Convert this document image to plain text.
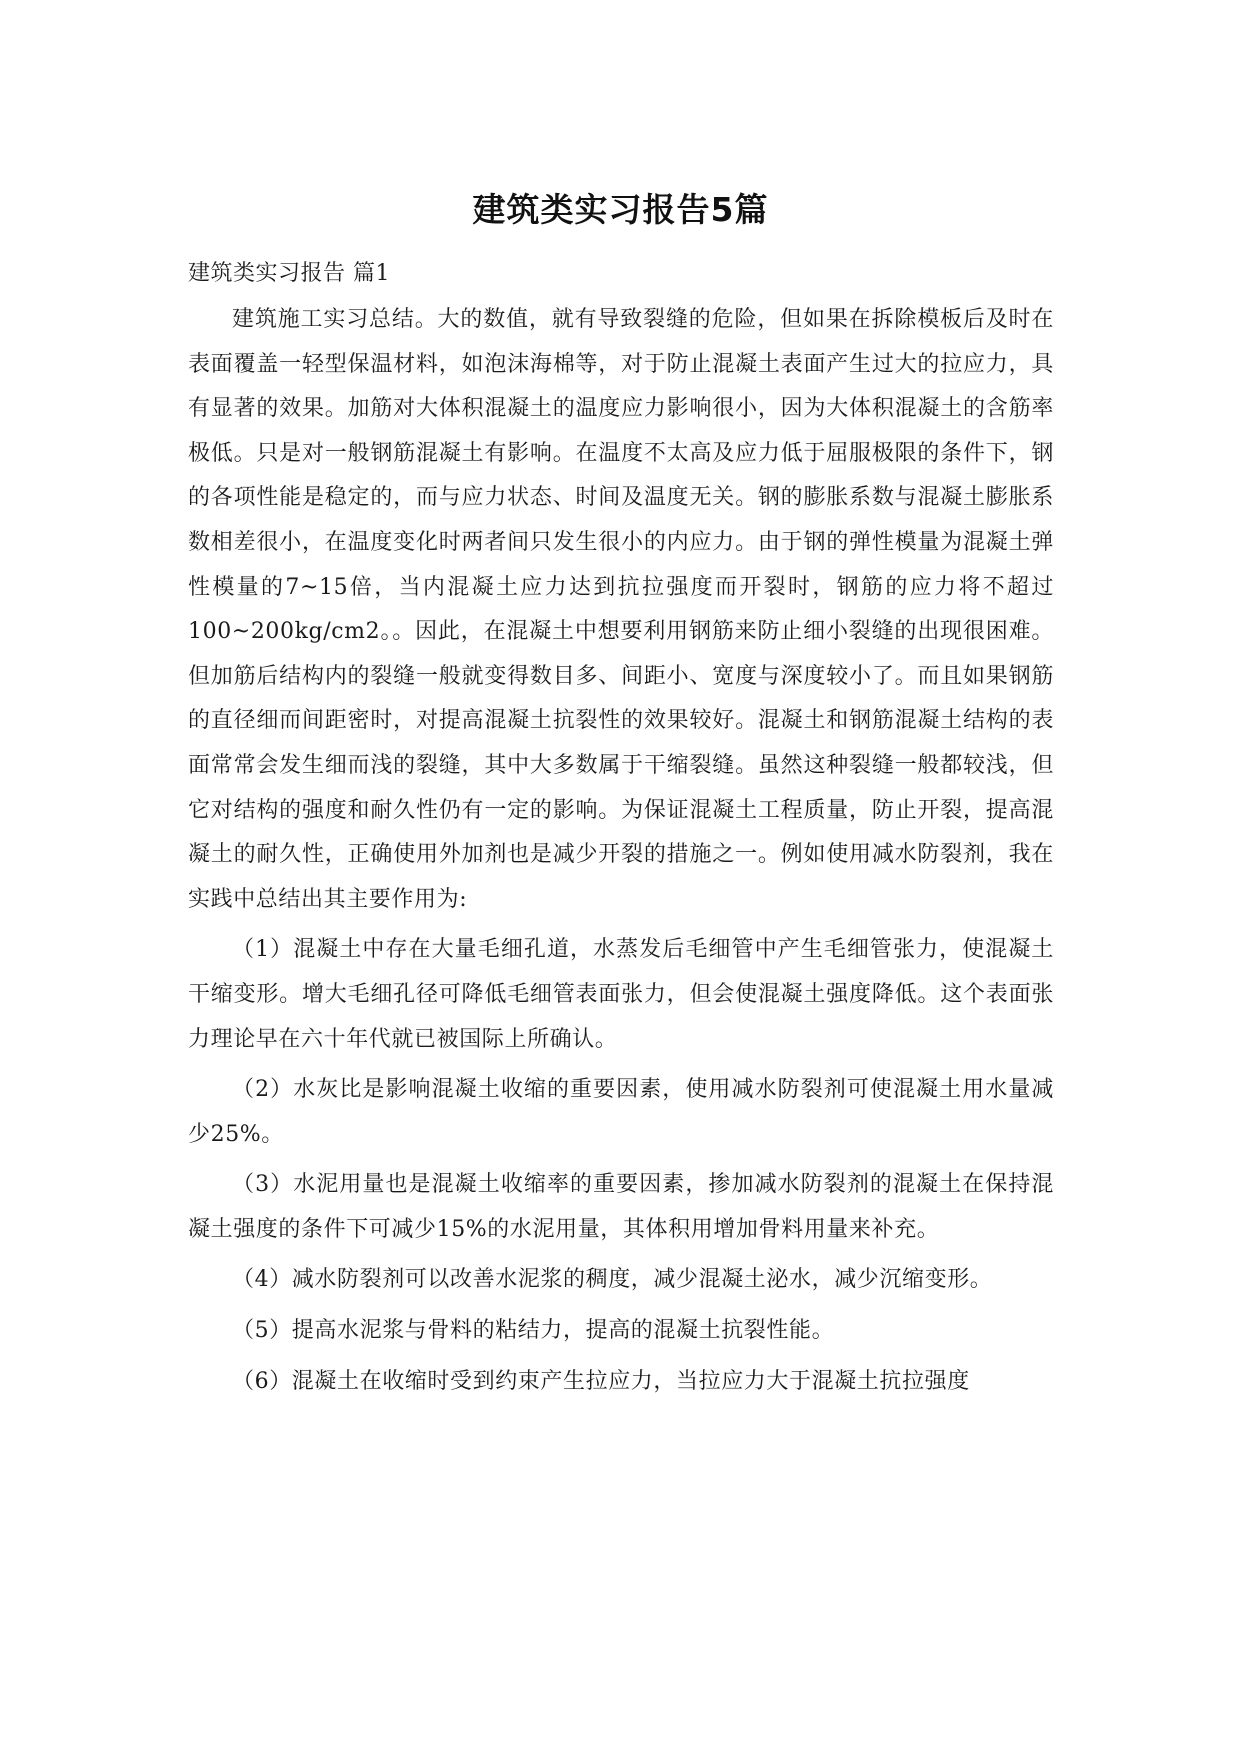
建筑类实习报告5篇
建筑类实习报告 篇1

建筑施工实习总结。大的数值，就有导致裂缝的危险，但如果在拆除模板后及时在表面覆盖一轻型保温材料，如泡沫海棉等，对于防止混凝土表面产生过大的拉应力，具有显著的效果。加筋对大体积混凝土的温度应力影响很小，因为大体积混凝土的含筋率极低。只是对一般钢筋混凝土有影响。在温度不太高及应力低于屈服极限的条件下，钢的各项性能是稳定的，而与应力状态、时间及温度无关。钢的膨胀系数与混凝土膨胀系数相差很小，在温度变化时两者间只发生很小的内应力。由于钢的弹性模量为混凝土弹性模量的7~15倍，当内混凝土应力达到抗拉强度而开裂时，钢筋的应力将不超过100~200kg/cm2。。因此，在混凝土中想要利用钢筋来防止细小裂缝的出现很困难。但加筋后结构内的裂缝一般就变得数目多、间距小、宽度与深度较小了。而且如果钢筋的直径细而间距密时，对提高混凝土抗裂性的效果较好。混凝土和钢筋混凝土结构的表面常常会发生细而浅的裂缝，其中大多数属于干缩裂缝。虽然这种裂缝一般都较浅，但它对结构的强度和耐久性仍有一定的影响。为保证混凝土工程质量，防止开裂，提高混凝土的耐久性，正确使用外加剂也是减少开裂的措施之一。例如使用减水防裂剂，我在实践中总结出其主要作用为:

（1）混凝土中存在大量毛细孔道，水蒸发后毛细管中产生毛细管张力，使混凝土干缩变形。增大毛细孔径可降低毛细管表面张力，但会使混凝土强度降低。这个表面张力理论早在六十年代就已被国际上所确认。

（2）水灰比是影响混凝土收缩的重要因素，使用减水防裂剂可使混凝土用水量减少25%。

（3）水泥用量也是混凝土收缩率的重要因素，掺加减水防裂剂的混凝土在保持混凝土强度的条件下可减少15%的水泥用量，其体积用增加骨料用量来补充。

（4）减水防裂剂可以改善水泥浆的稠度，减少混凝土泌水，减少沉缩变形。

（5）提高水泥浆与骨料的粘结力，提高的混凝土抗裂性能。

（6）混凝土在收缩时受到约束产生拉应力，当拉应力大于混凝土抗拉强度
